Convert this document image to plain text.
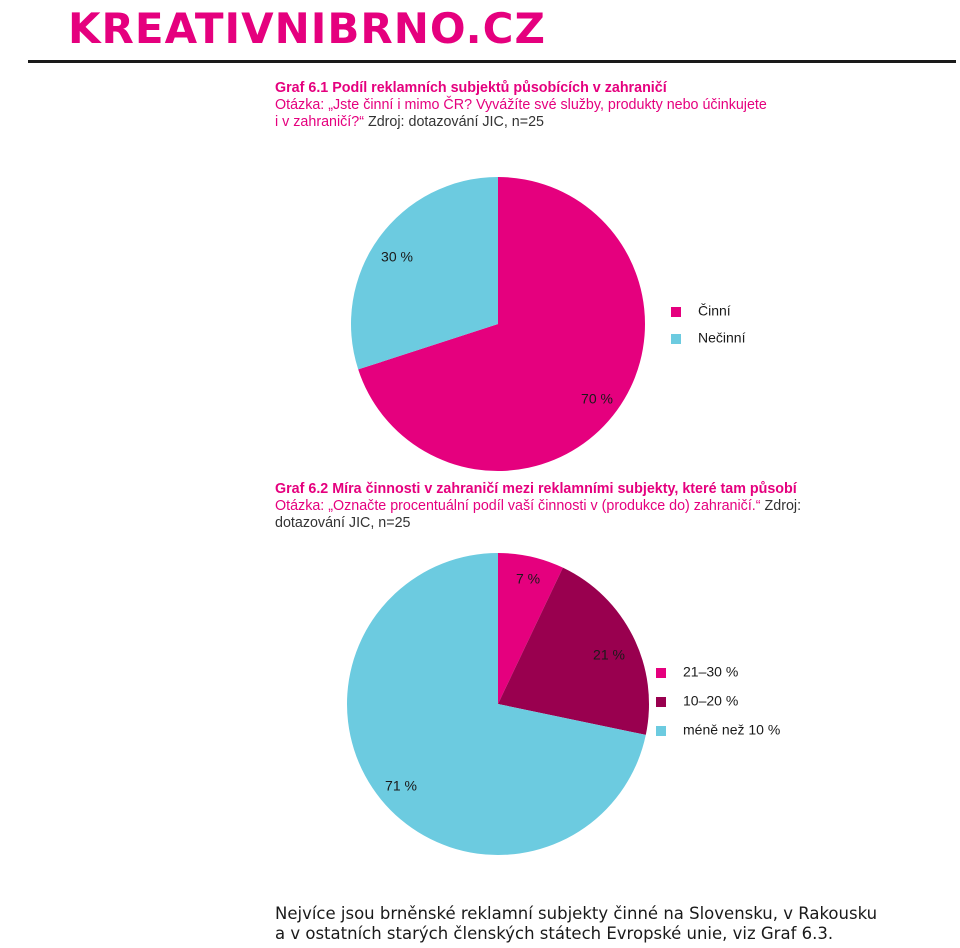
KREATIVNIBRNO.CZ
Graf 6.1 Podíl reklamních subjektů působících v zahraničí
Otázka: „Jste činní i mimo ČR? Vyvážíte své služby, produkty nebo účinkujete
i v zahraničí?“ Zdroj: dotazování JIC, n=25
Graf 6.2 Míra činnosti v zahraničí mezi reklamními subjekty, které tam působí
Otázka: „Označte procentuální podíl vaší činnosti v (produkce do) zahraničí.“ Zdroj:
dotazování JIC, n=25
70 %
30 %
Činní
Nečinní
7 %
21 %
71 %
21–30 %
10–20 %
méně než 10 %
Nejvíce jsou brněnské reklamní subjekty činné na Slovensku, v Rakousku
a v ostatních starých členských státech Evropské unie, viz Graf 6.3.
